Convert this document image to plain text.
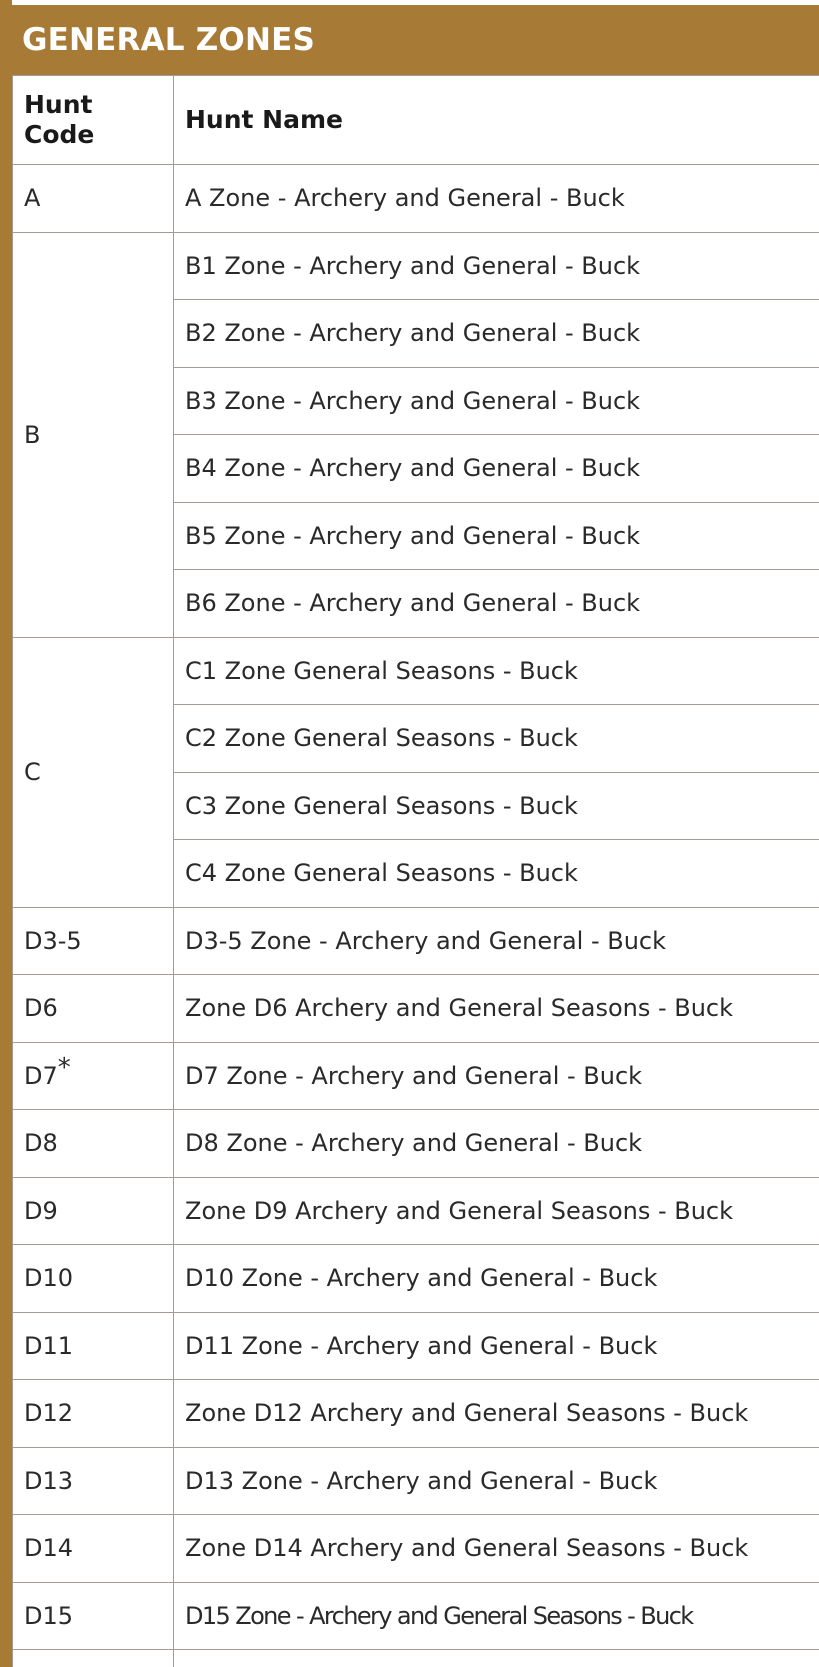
GENERAL ZONES
Hunt Code	Hunt Name
A	A Zone - Archery and General - Buck
B	B1 Zone - Archery and General - Buck
	B2 Zone - Archery and General - Buck
	B3 Zone - Archery and General - Buck
	B4 Zone - Archery and General - Buck
	B5 Zone - Archery and General - Buck
	B6 Zone - Archery and General - Buck
C	C1 Zone General Seasons - Buck
	C2 Zone General Seasons - Buck
	C3 Zone General Seasons - Buck
	C4 Zone General Seasons - Buck
D3-5	D3-5 Zone - Archery and General - Buck
D6	Zone D6 Archery and General Seasons - Buck
D7*	D7 Zone - Archery and General - Buck
D8	D8 Zone - Archery and General - Buck
D9	Zone D9 Archery and General Seasons - Buck
D10	D10 Zone - Archery and General - Buck
D11	D11 Zone - Archery and General - Buck
D12	Zone D12 Archery and General Seasons - Buck
D13	D13 Zone - Archery and General - Buck
D14	Zone D14 Archery and General Seasons - Buck
D15	D15 Zone - Archery and General Seasons - Buck
